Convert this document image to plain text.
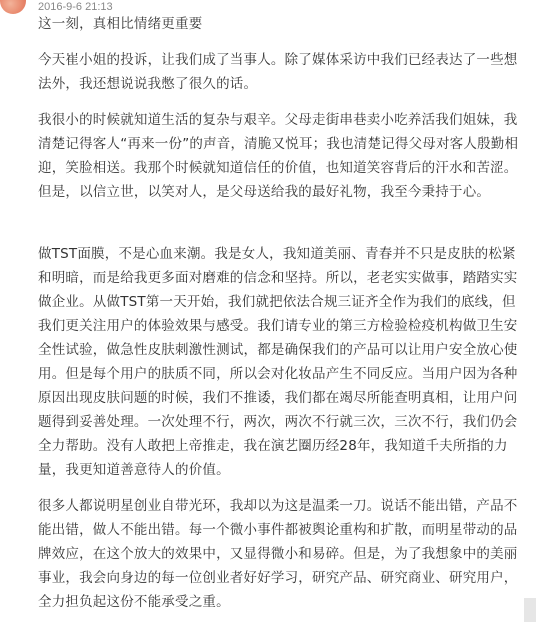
2016-9-6 21:13

这一刻，真相比情绪更重要

今天崔小姐的投诉，让我们成了当事人。除了媒体采访中我们已经表达了一些想法外，我还想说说我憋了很久的话。

我很小的时候就知道生活的复杂与艰辛。父母走街串巷卖小吃养活我们姐妹，我清楚记得客人“再来一份”的声音，清脆又悦耳；我也清楚记得父母对客人殷勤相迎，笑脸相送。我那个时候就知道信任的价值，也知道笑容背后的汗水和苦涩。但是，以信立世，以笑对人，是父母送给我的最好礼物，我至今秉持于心。

做TST面膜，不是心血来潮。我是女人，我知道美丽、青春并不只是皮肤的松紧和明暗，而是给我更多面对磨难的信念和坚持。所以，老老实实做事，踏踏实实做企业。从做TST第一天开始，我们就把依法合规三证齐全作为我们的底线，但我们更关注用户的体验效果与感受。我们请专业的第三方检验检疫机构做卫生安全性试验，做急性皮肤刺激性测试，都是确保我们的产品可以让用户安全放心使用。但是每个用户的肤质不同，所以会对化妆品产生不同反应。当用户因为各种原因出现皮肤问题的时候，我们不推诿，我们都在竭尽所能查明真相，让用户问题得到妥善处理。一次处理不行，两次，两次不行就三次，三次不行，我们仍会全力帮助。没有人敢把上帝推走，我在演艺圈历经28年，我知道千夫所指的力量，我更知道善意待人的价值。

很多人都说明星创业自带光环，我却以为这是温柔一刀。说话不能出错，产品不能出错，做人不能出错。每一个微小事件都被舆论重构和扩散，而明星带动的品牌效应，在这个放大的效果中，又显得微小和易碎。但是，为了我想象中的美丽事业，我会向身边的每一位创业者好好学习，研究产品、研究商业、研究用户，全力担负起这份不能承受之重。
